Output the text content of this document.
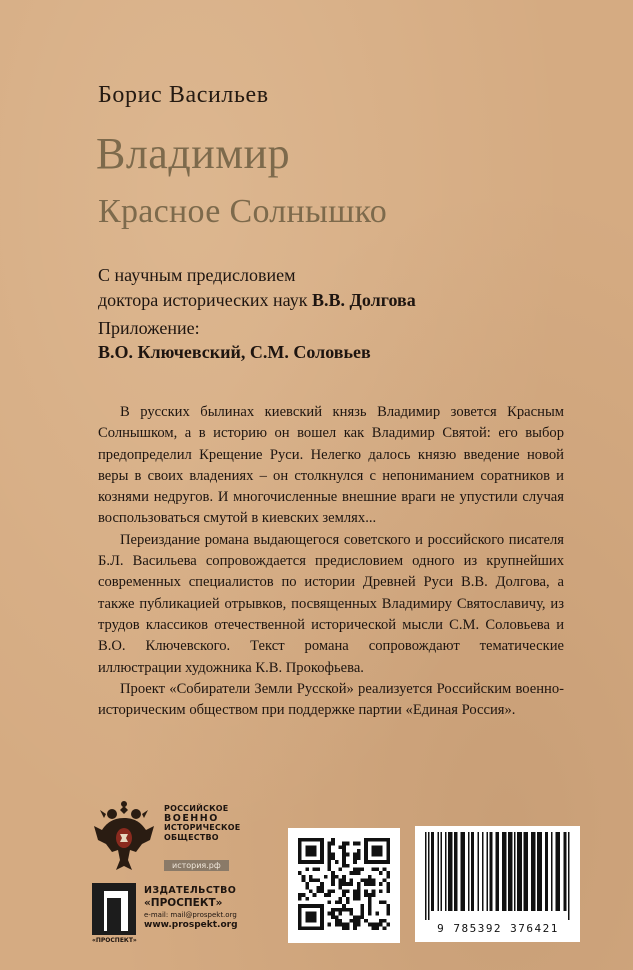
Борис Васильев
Владимир
Красное Солнышко
С научным предисловием
доктора исторических наук В.В. Долгова
Приложение:
В.О. Ключевский, С.М. Соловьев

В русских былинах киевский князь Владимир зовется Красным Солнышком, а в историю он вошел как Владимир Святой: его выбор предопределил Крещение Руси. Нелегко далось князю введение новой веры в своих владениях – он столкнулся с непониманием соратников и кознями недругов. И многочисленные внешние враги не упустили случая воспользоваться смутой в киевских землях...

Переиздание романа выдающегося советского и российского писателя Б.Л. Васильева сопровождается предисловием одного из крупнейших современных специалистов по истории Древней Руси В.В. Долгова, а также публикацией отрывков, посвященных Владимиру Святославичу, из трудов классиков отечественной исторической мысли С.М. Соловьева и В.О. Ключевского. Текст романа сопровождают тематические иллюстрации художника К.В. Прокофьева.

Проект «Собиратели Земли Русской» реализуется Российским военно-историческим обществом при поддержке партии «Единая Россия».

РОССИЙСКОЕ
ВОЕННО
ИСТОРИЧЕСКОЕ
ОБЩЕСТВО
история.рф
«ПРОСПЕКТ»
ИЗДАТЕЛЬСТВО
«ПРОСПЕКТ»
e-mail: mail@prospekt.org
www.prospekt.org	9 785392 376421
